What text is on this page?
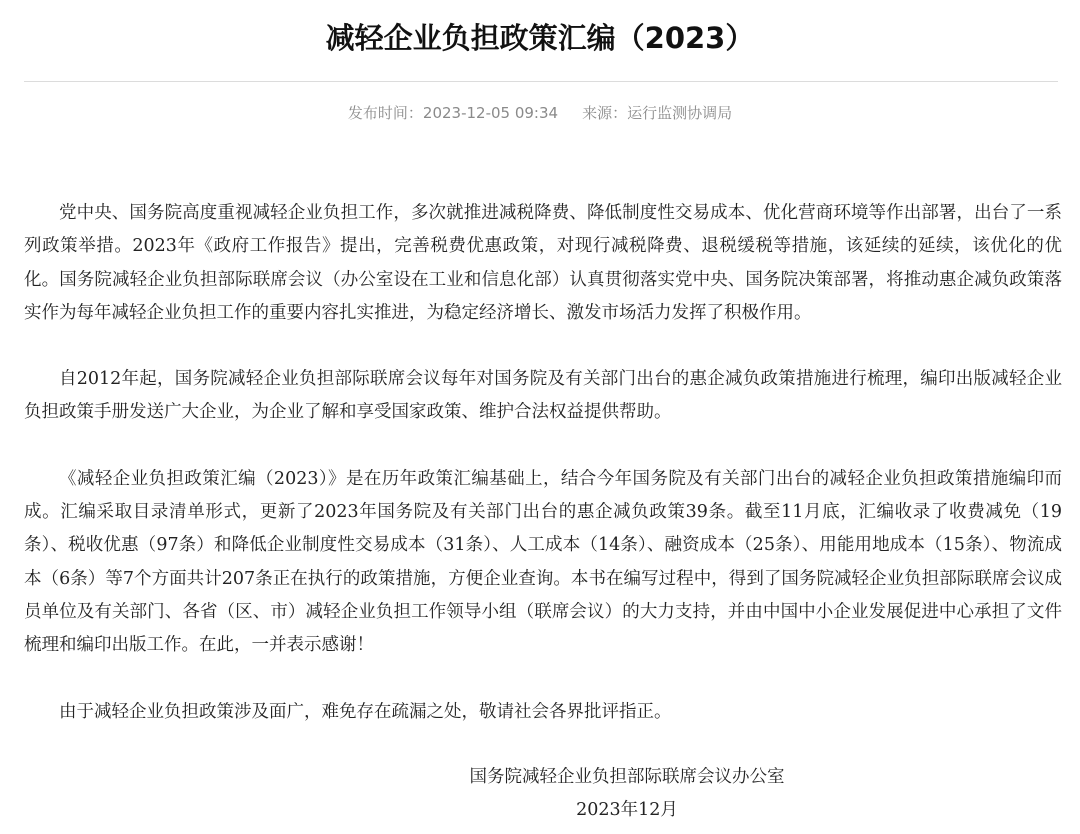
减轻企业负担政策汇编（2023）
发布时间：2023-12-05 09:34 来源：运行监测协调局

党中央、国务院高度重视减轻企业负担工作，多次就推进减税降费、降低制度性交易成本、优化营商环境等作出部署，出台了一系列政策举措。2023年《政府工作报告》提出，完善税费优惠政策，对现行减税降费、退税缓税等措施，该延续的延续，该优化的优化。国务院减轻企业负担部际联席会议（办公室设在工业和信息化部）认真贯彻落实党中央、国务院决策部署，将推动惠企减负政策落实作为每年减轻企业负担工作的重要内容扎实推进，为稳定经济增长、激发市场活力发挥了积极作用。

自2012年起，国务院减轻企业负担部际联席会议每年对国务院及有关部门出台的惠企减负政策措施进行梳理，编印出版减轻企业负担政策手册发送广大企业，为企业了解和享受国家政策、维护合法权益提供帮助。

《减轻企业负担政策汇编（2023）》是在历年政策汇编基础上，结合今年国务院及有关部门出台的减轻企业负担政策措施编印而成。汇编采取目录清单形式，更新了2023年国务院及有关部门出台的惠企减负政策39条。截至11月底，汇编收录了收费减免（19条）、税收优惠（97条）和降低企业制度性交易成本（31条）、人工成本（14条）、融资成本（25条）、用能用地成本（15条）、物流成本（6条）等7个方面共计207条正在执行的政策措施，方便企业查询。本书在编写过程中，得到了国务院减轻企业负担部际联席会议成员单位及有关部门、各省（区、市）减轻企业负担工作领导小组（联席会议）的大力支持，并由中国中小企业发展促进中心承担了文件梳理和编印出版工作。在此，一并表示感谢！

由于减轻企业负担政策涉及面广，难免存在疏漏之处，敬请社会各界批评指正。

国务院减轻企业负担部际联席会议办公室
2023年12月
